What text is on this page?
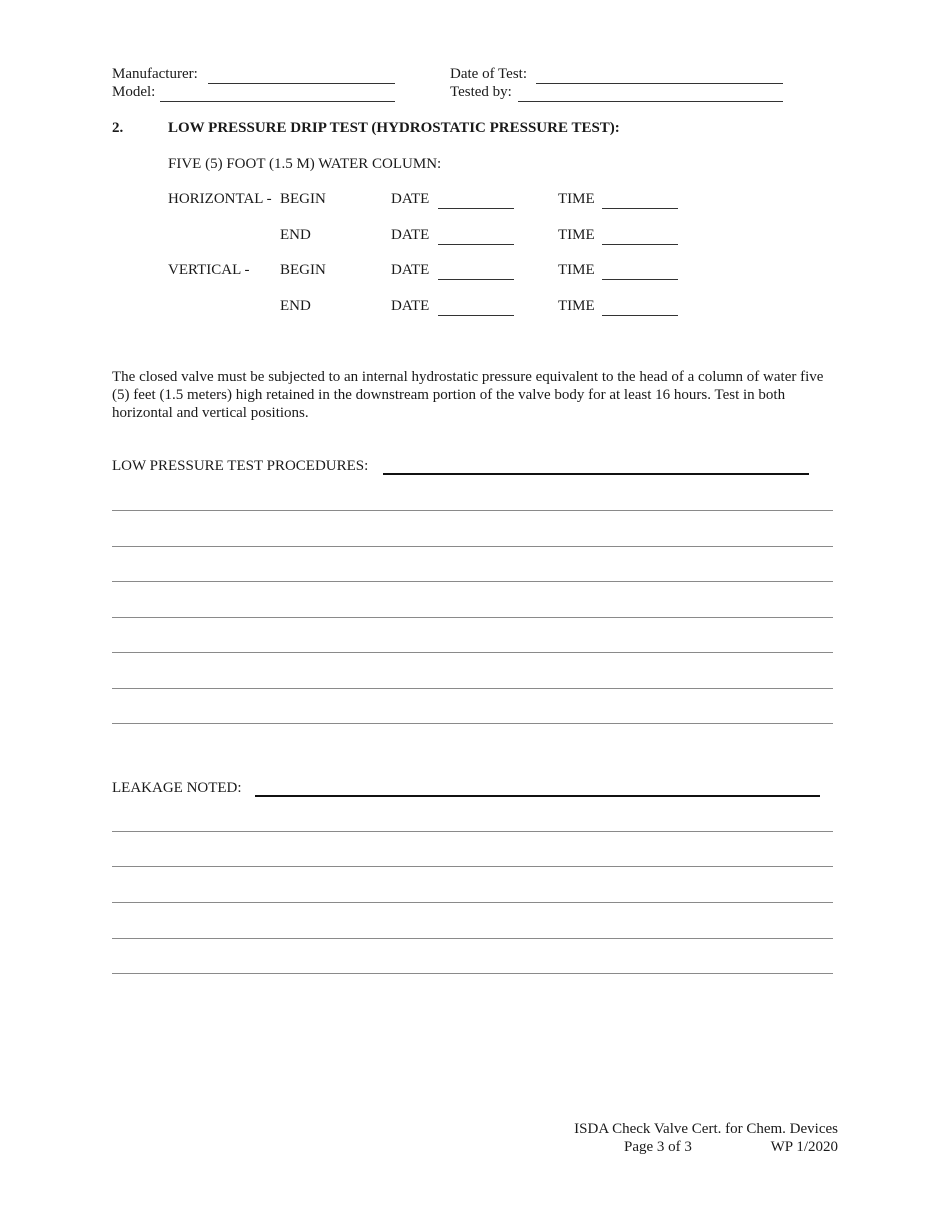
Manufacturer:
Model:
Date of Test:
Tested by:
2.	LOW PRESSURE DRIP TEST (HYDROSTATIC PRESSURE TEST):
FIVE (5) FOOT (1.5 M) WATER COLUMN:
HORIZONTAL - BEGIN	DATE	TIME
END	DATE	TIME
VERTICAL - BEGIN	DATE	TIME
END	DATE	TIME
The closed valve must be subjected to an internal hydrostatic pressure equivalent to the head of a column of water five (5) feet (1.5 meters) high retained in the downstream portion of the valve body for at least 16 hours. Test in both horizontal and vertical positions.
LOW PRESSURE TEST PROCEDURES:
LEAKAGE NOTED:
ISDA Check Valve Cert. for Chem. Devices
Page 3 of 3	WP 1/2020
